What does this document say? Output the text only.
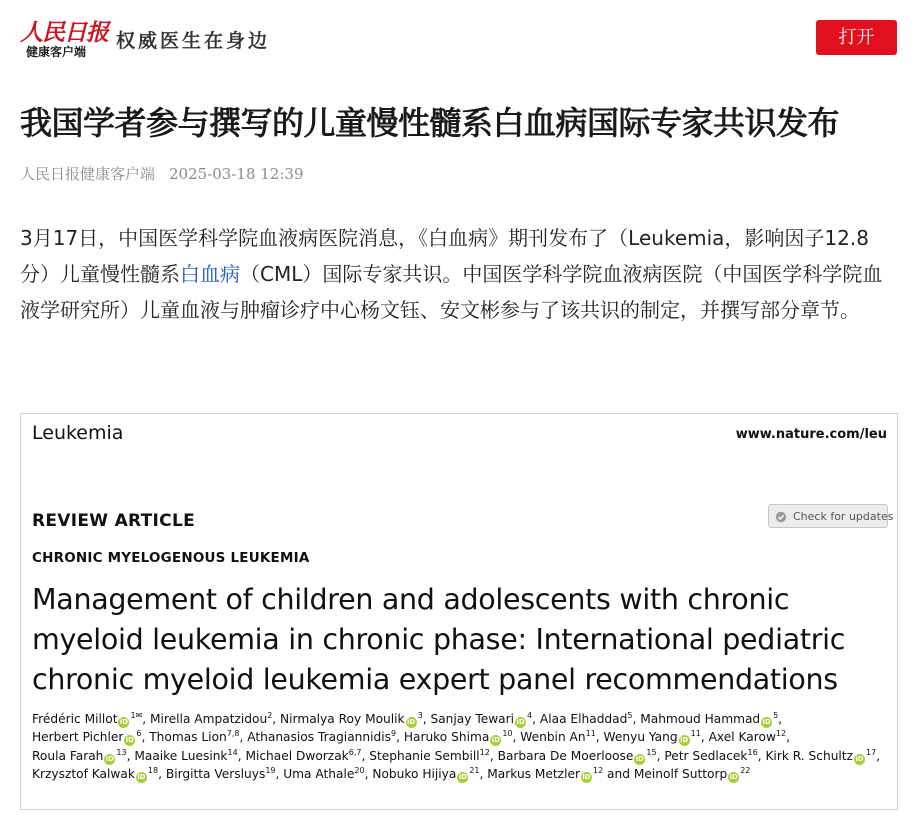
人民日报
健康客户端 权威医生在身边	打开
我国学者参与撰写的儿童慢性髓系白血病国际专家共识发布
人民日报健康客户端 2025-03-18 12:39

3月17日，中国医学科学院血液病医院消息，《白血病》期刊发布了（Leukemia，影响因子12.8分）儿童慢性髓系白血病（CML）国际专家共识。中国医学科学院血液病医院（中国医学科学院血液学研究所）儿童血液与肿瘤诊疗中心杨文钰、安文彬参与了该共识的制定，并撰写部分章节。

Leukemia	www.nature.com/leu
REVIEW ARTICLE	Check for updates
CHRONIC MYELOGENOUS LEUKEMIA
Management of children and adolescents with chronic myeloid leukemia in chronic phase: International pediatric chronic myeloid leukemia expert panel recommendations
Frédéric Millot $iD^{1✉}$, Mirella Ampatzidou$^2$, Nirmalya Roy Moulik $iD^3$, Sanjay Tewari $iD^4$, Alaa Elhaddad$^5$, Mahmoud Hammad $iD^5$, Herbert Pichler $iD^6$, Thomas Lion$^{7,8}$, Athanasios Tragiannidis$^9$, Haruko Shima $iD^{10}$, Wenbin An$^{11}$, Wenyu Yang $iD^{11}$, Axel Karow$^{12}$, Roula Farah $iD^{13}$, Maaike Luesink$^{14}$, Michael Dworzak$^{6,7}$, Stephanie Sembill$^{12}$, Barbara De Moerloose $iD^{15}$, Petr Sedlacek$^{16}$, Kirk R. Schultz $iD^{17}$, Krzysztof Kalwak $iD^{18}$, Birgitta Versluys$^{19}$, Uma Athale$^{20}$, Nobuko Hijiya $iD^{21}$, Markus Metzler $iD^{12}$ and Meinolf Suttorp $iD^{22}$
